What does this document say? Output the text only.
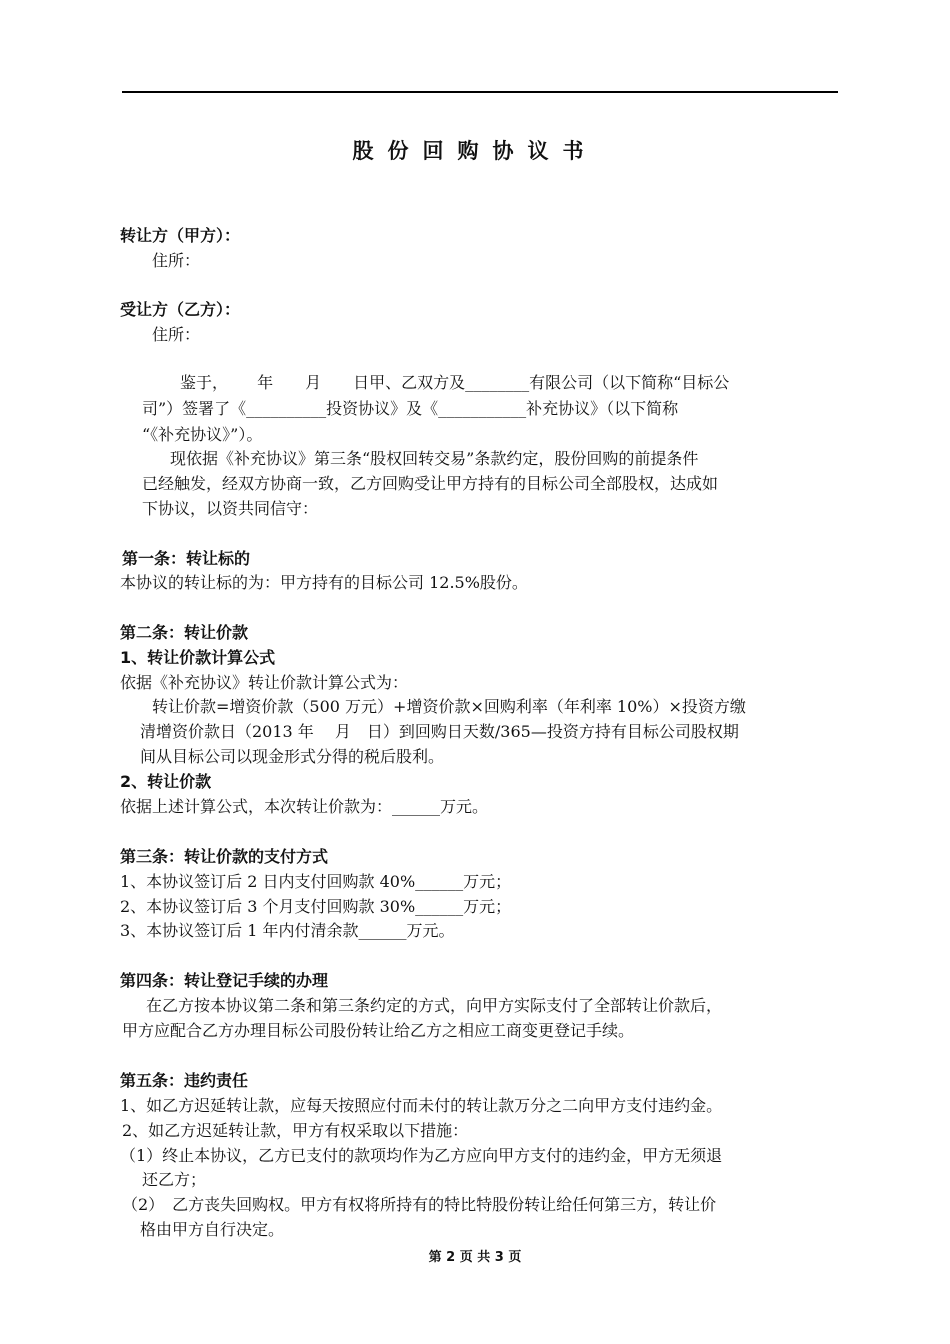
股份回购协议书
转让方（甲方）：
住所：
受让方（乙方）：
住所：
鉴于，　　 年　　月　　日甲、乙双方及________有限公司（以下简称“目标公
司”）签署了《__________投资协议》及《___________补充协议》（以下简称
“《补充协议》”）。
现依据《补充协议》第三条“股权回转交易”条款约定，股份回购的前提条件
已经触发，经双方协商一致，乙方回购受让甲方持有的目标公司全部股权，达成如
下协议，以资共同信守：
第一条：转让标的
本协议的转让标的为：甲方持有的目标公司 12.5%股份。
第二条：转让价款
1、转让价款计算公式
依据《补充协议》转让价款计算公式为：
转让价款=增资价款（500 万元）+增资价款×回购利率（年利率 10%）×投资方缴
清增资价款日（2013 年　 月　日）到回购日天数/365—投资方持有目标公司股权期
间从目标公司以现金形式分得的税后股利。
2、转让价款
依据上述计算公式，本次转让价款为：______万元。
第三条：转让价款的支付方式
1、本协议签订后 2 日内支付回购款 40%______万元；
2、本协议签订后 3 个月支付回购款 30%______万元；
3、本协议签订后 1 年内付清余款______万元。
第四条：转让登记手续的办理
在乙方按本协议第二条和第三条约定的方式，向甲方实际支付了全部转让价款后，
甲方应配合乙方办理目标公司股份转让给乙方之相应工商变更登记手续。
第五条：违约责任
1、如乙方迟延转让款，应每天按照应付而未付的转让款万分之二向甲方支付违约金。
2、如乙方迟延转让款，甲方有权采取以下措施：
（1）终止本协议，乙方已支付的款项均作为乙方应向甲方支付的违约金，甲方无须退
还乙方；
（2）　乙方丧失回购权。甲方有权将所持有的特比特股份转让给任何第三方，转让价
格由甲方自行决定。
第 2 页 共 3 页
